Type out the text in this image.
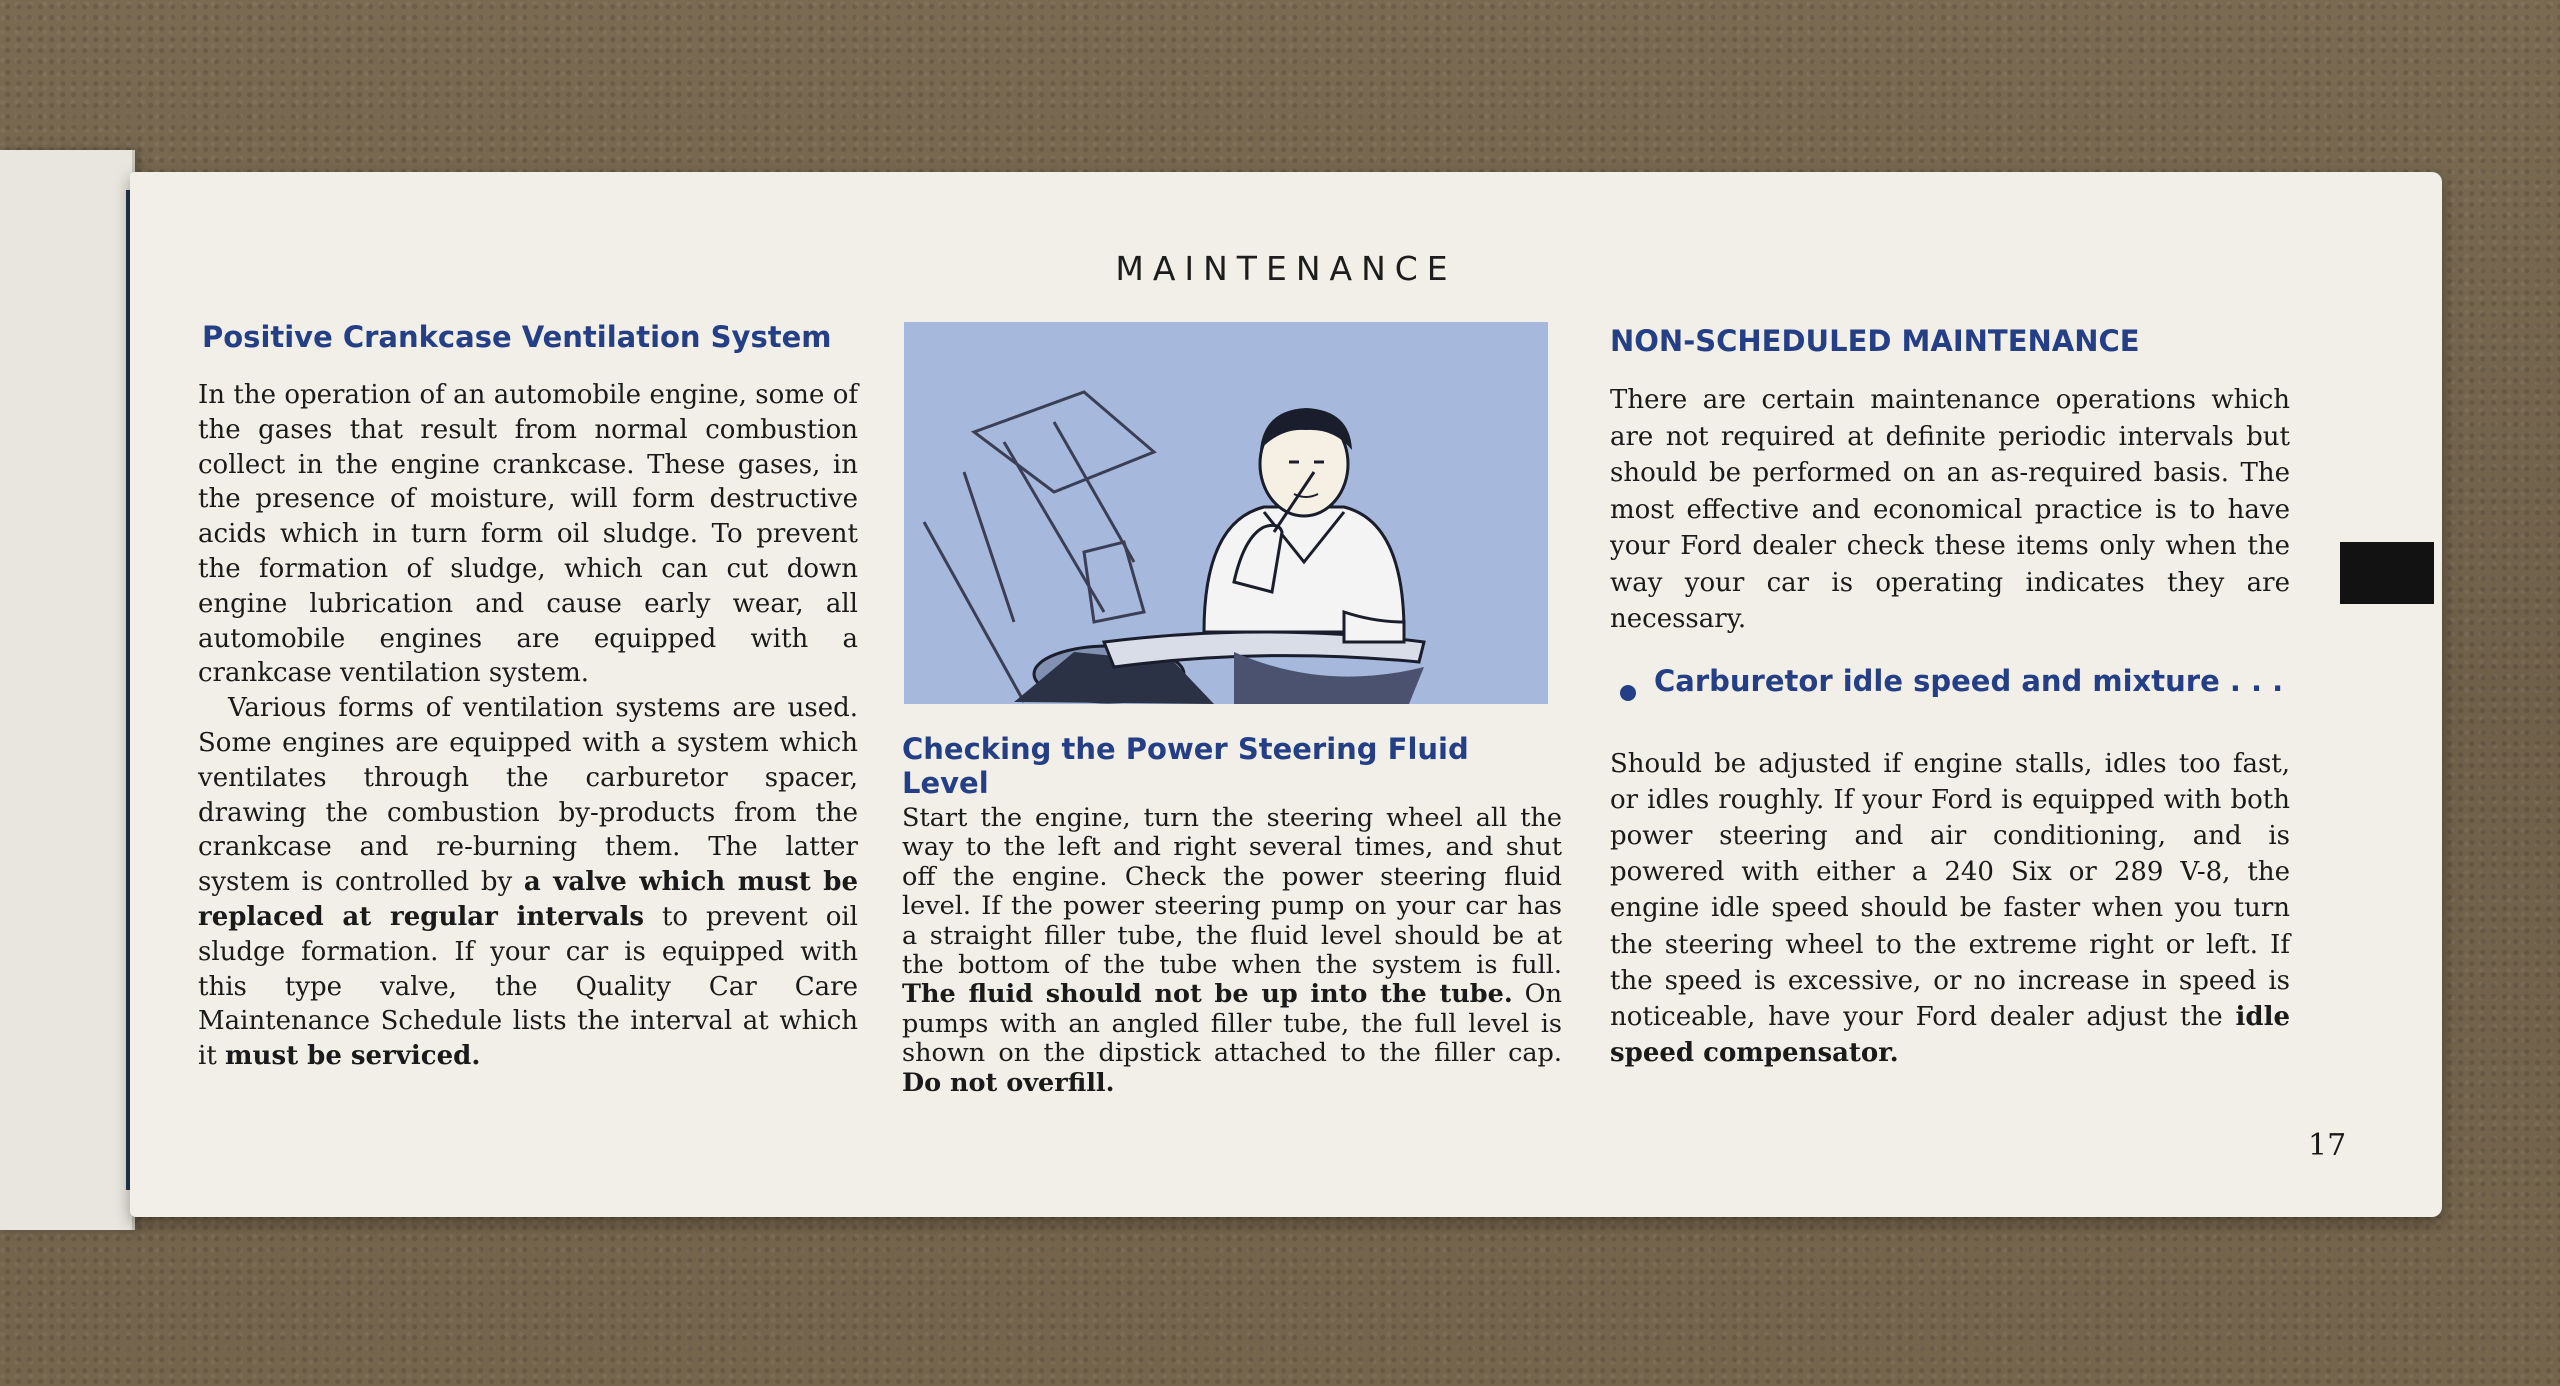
MAINTENANCE
Positive Crankcase Ventilation System

In the operation of an automobile engine, some of the gases that result from normal combustion collect in the engine crankcase. These gases, in the presence of moisture, will form destructive acids which in turn form oil sludge. To prevent the formation of sludge, which can cut down engine lubrication and cause early wear, all automobile engines are equipped with a crankcase ventilation system.

Various forms of ventilation systems are used. Some engines are equipped with a system which ventilates through the carburetor spacer, drawing the combustion by-products from the crankcase and re-burning them. The latter system is controlled by a valve which must be replaced at regular intervals to prevent oil sludge formation. If your car is equipped with this type valve, the Quality Car Care Maintenance Schedule lists the interval at which it must be serviced.

Checking the Power Steering Fluid Level

Start the engine, turn the steering wheel all the way to the left and right several times, and shut off the engine. Check the power steering fluid level. If the power steering pump on your car has a straight filler tube, the fluid level should be at the bottom of the tube when the system is full. The fluid should not be up into the tube. On pumps with an angled filler tube, the full level is shown on the dipstick attached to the filler cap. Do not overfill.

NON-SCHEDULED MAINTENANCE

There are certain maintenance operations which are not required at definite periodic intervals but should be performed on an as-required basis. The most effective and economical practice is to have your Ford dealer check these items only when the way your car is operating indicates they are necessary.

Carburetor idle speed and mixture . . .

Should be adjusted if engine stalls, idles too fast, or idles roughly. If your Ford is equipped with both power steering and air conditioning, and is powered with either a 240 Six or 289 V-8, the engine idle speed should be faster when you turn the steering wheel to the extreme right or left. If the speed is excessive, or no increase in speed is noticeable, have your Ford dealer adjust the idle speed compensator.

17
